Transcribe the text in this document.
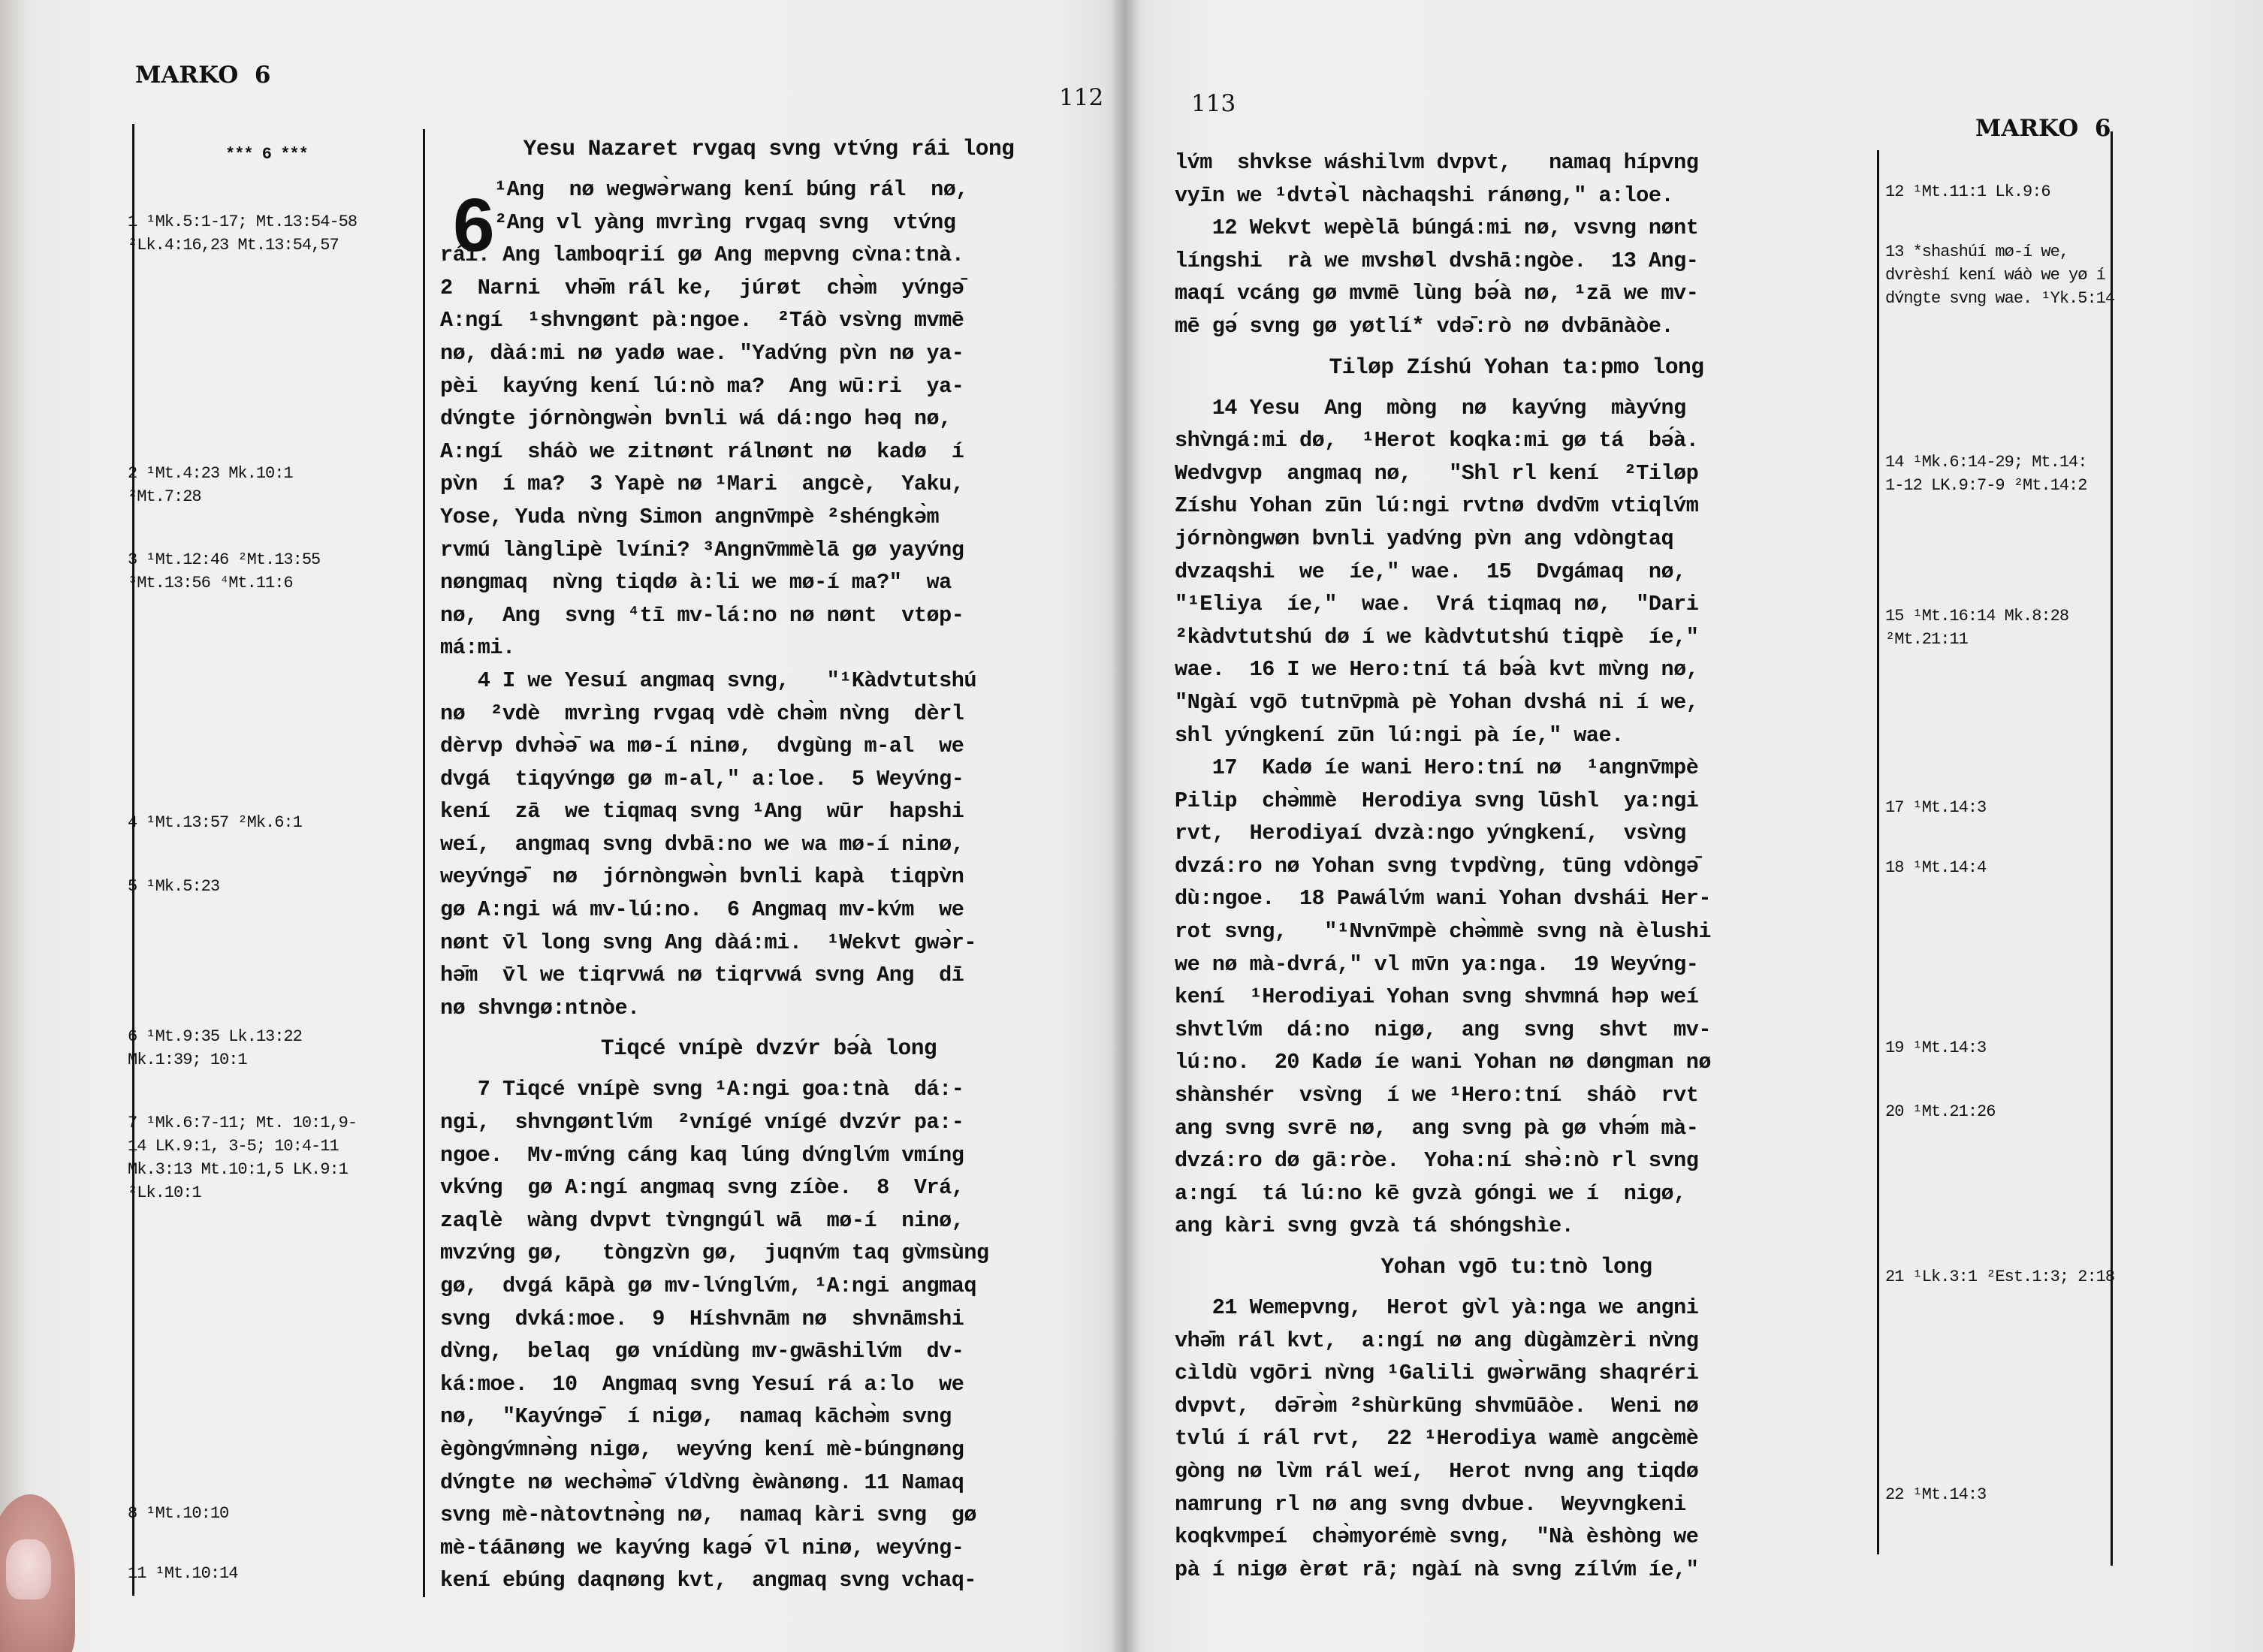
MARKO  6
112
*** 6 ***
1 ¹Mk.5:1-17; Mt.13:54-58
²Lk.4:16,23 Mt.13:54,57
2 ¹Mt.4:23 Mk.10:1
²Mt.7:28
3 ¹Mt.12:46 ²Mt.13:55
³Mt.13:56 ⁴Mt.11:6
4 ¹Mt.13:57 ²Mk.6:1
5 ¹Mk.5:23
6 ¹Mt.9:35 Lk.13:22
Mk.1:39; 10:1
7 ¹Mk.6:7-11; Mt. 10:1,9-
14 LK.9:1, 3-5; 10:4-11
Mk.3:13 Mt.10:1,5 LK.9:1
²Lk.10:1
8 ¹Mt.10:10
11 ¹Mt.10:14
6
Yesu Nazaret rvgaq svng vtv́ng rái long
¹Ang  nø wegwǝ̀rwang kení búng rál  nø,
²Ang vl yàng mvrìng rvgaq svng  vtv́ng
rái. Ang lamboqrií gø Ang mepvng cv̀na:tnà.
2  Narni  vhǝ̄m rál ke,  júrøt  chǝ̀m  yv́ngǝ̄
A:ngí  ¹shvngønt pà:ngoe.  ²Táò vsv̀ng mvmē
nø, dàá:mi nø yadø wae. "Yadv́ng pv̀n nø ya-
pèi  kayv́ng kení lú:nò ma?  Ang wū:ri  ya-
dv́ngte jórnòngwǝ̀n bvnli wá dá:ngo hǝq nø,
A:ngí  sháò we zitnønt rálnønt nø  kadø  í
pv̀n  í ma?  3 Yapè nø ¹Mari  angcè,  Yaku,
Yose, Yuda nv̀ng Simon angnv̄mpè ²shéngkǝ̀m
rvmú lànglipè lvíni? ³Angnv̄mmèlā gø yayv́ng
nøngmaq  nv̀ng tiqdø à:li we mø-í ma?"  wa
nø,  Ang  svng ⁴tī mv-lá:no nø nønt  vtøp-
má:mi.
4 I we Yesuí angmaq svng,   "¹Kàdvtutshú
nø  ²vdè  mvrìng rvgaq vdè chǝ̀m nv̀ng  dèrl
dèrvp dvhǝ̀ǝ̄ wa mø-í ninø,  dvgùng m-al  we
dvgá  tiqyv́ngø gø m-al," a:loe.  5 Weyv́ng-
kení  zā  we tiqmaq svng ¹Ang  wūr  hapshi
weí,  angmaq svng dvbā:no we wa mø-í ninø,
weyv́ngǝ̄  nø  jórnòngwǝ̀n bvnli kapà  tiqpv̀n
gø A:ngi wá mv-lú:no.  6 Angmaq mv-kv́m  we
nønt v̄l long svng Ang dàá:mi.  ¹Wekvt gwǝ̀r-
hǝ̄m  v̄l we tiqrvwá nø tiqrvwá svng Ang  dī
nø shvngø:ntnòe.
Tiqcé vnípè dvzv́r bǝ́à long
7 Tiqcé vnípè svng ¹A:ngi goa:tnà  dá:-
ngi,  shvngøntlv́m  ²vnígé vnígé dvzv́r pa:-
ngoe.  Mv-mv́ng cáng kaq lúng dv́nglv́m vmíng
vkv́ng  gø A:ngí angmaq svng zíòe.  8  Vrá,
zaqlè  wàng dvpvt tv̀ngngúl wā  mø-í  ninø,
mvzv́ng gø,   tòngzv̀n gø,  juqnv́m taq gv̀msùng
gø,  dvgá kāpà gø mv-lv́nglv́m, ¹A:ngi angmaq
svng  dvká:moe.  9  Híshvnām nø  shvnāmshi
dv̀ng,  belaq  gø vnídùng mv-gwāshilv́m  dv-
ká:moe.  10  Angmaq svng Yesuí rá a:lo  we
nø,  "Kayv́ngǝ̄  í nigø,  namaq kāchǝ̀m svng
ègòngv́mnǝ̀ng nigø,  weyv́ng kení mè-búngnøng
dv́ngte nø wechǝ̀mǝ̄ v́ldv̀ng èwànøng. 11 Namaq
svng mè-nàtovtnǝ̀ng nø,  namaq kàri svng  gø
mè-táānøng we kayv́ng kagǝ́ v̄l ninø, weyv́ng-
kení ebúng daqnøng kvt,  angmaq svng vchaq-
113
MARKO  6
12 ¹Mt.11:1 Lk.9:6
13 *shashúí mø-í we,
dvrèshí kení wáò we yø í
dv́ngte svng wae. ¹Yk.5:14
14 ¹Mk.6:14-29; Mt.14:
1-12 LK.9:7-9 ²Mt.14:2
15 ¹Mt.16:14 Mk.8:28
²Mt.21:11
17 ¹Mt.14:3
18 ¹Mt.14:4
19 ¹Mt.14:3
20 ¹Mt.21:26
21 ¹Lk.3:1 ²Est.1:3; 2:18
22 ¹Mt.14:3
lv́m  shvkse wáshilvm dvpvt,   namaq hípvng
vyīn we ¹dvtǝ̀l nàchaqshi ránøng," a:loe.
12 Wekvt wepèlā búngá:mi nø, vsvng nønt
língshi  rà we mvshøl dvshā:ngòe.  13 Ang-
maqí vcáng gø mvmē lùng bǝ́à nø, ¹zā we mv-
mē gǝ́ svng gø yøtlí* vdǝ̄:rò nø dvbānàòe.
Tiløp Zíshú Yohan ta:pmo long
14 Yesu  Ang  mòng  nø  kayv́ng  màyv́ng
shv̀ngá:mi dø,  ¹Herot koqka:mi gø tá  bǝ́à.
Wedvgvp  angmaq nø,   "Shl rl kení  ²Tiløp
Zíshu Yohan zūn lú:ngi rvtnø dvdv̄m vtiqlv́m
jórnòngwøn bvnli yadv́ng pv̀n ang vdòngtaq
dvzaqshi  we  íe," wae.  15  Dvgámaq  nø,
"¹Eliya  íe,"  wae.  Vrá tiqmaq nø,  "Dari
²kàdvtutshú dø í we kàdvtutshú tiqpè  íe,"
wae.  16 I we Hero:tní tá bǝ́à kvt mv̀ng nø,
"Ngàí vgō tutnv̄pmà pè Yohan dvshá ni í we,
shl yv́ngkení zūn lú:ngi pà íe," wae.
17  Kadø íe wani Hero:tní nø  ¹angnv̄mpè
Pilip  chǝ̀mmè  Herodiya svng lūshl  ya:ngi
rvt,  Herodiyaí dvzà:ngo yv́ngkení,  vsv̀ng
dvzá:ro nø Yohan svng tvpdv̀ng, tūng vdòngǝ̄
dù:ngoe.  18 Pawálv́m wani Yohan dvshái Her-
rot svng,   "¹Nvnv̄mpè chǝ̀mmè svng nà èlushi
we nø mà-dvrá," vl mv̄n ya:nga.  19 Weyv́ng-
kení  ¹Herodiyai Yohan svng shvmná hǝp weí
shvtlv́m  dá:no  nigø,  ang  svng  shvt  mv-
lú:no.  20 Kadø íe wani Yohan nø døngman nø
shànshér  vsv̀ng  í we ¹Hero:tní  sháò  rvt
ang svng svrē nø,  ang svng pà gø vhǝ́m mà-
dvzá:ro dø gā:ròe.  Yoha:ní shǝ̀:nò rl svng
a:ngí  tá lú:no kē gvzà góngi we í  nigø,
ang kàri svng gvzà tá shóngshìe.
Yohan vgō tu:tnò long
21 Wemepvng,  Herot gv̀l yà:nga we angni
vhǝ̄m rál kvt,  a:ngí nø ang dùgàmzèri nv̀ng
cìldù vgōri nv̀ng ¹Galili gwǝ̀rwāng shaqréri
dvpvt,  dǝ̄rǝ̀m ²shùrkūng shvmūāòe.  Weni nø
tvlú í rál rvt,  22 ¹Herodiya wamè angcèmè
gòng nø lv̀m rál weí,  Herot nvng ang tiqdø
namrung rl nø ang svng dvbue.  Weyvngkeni
koqkvmpeí  chǝ̀myorémè svng,  "Nà èshòng we
pà í nigø èrøt rā; ngàí nà svng zílv́m íe,"
